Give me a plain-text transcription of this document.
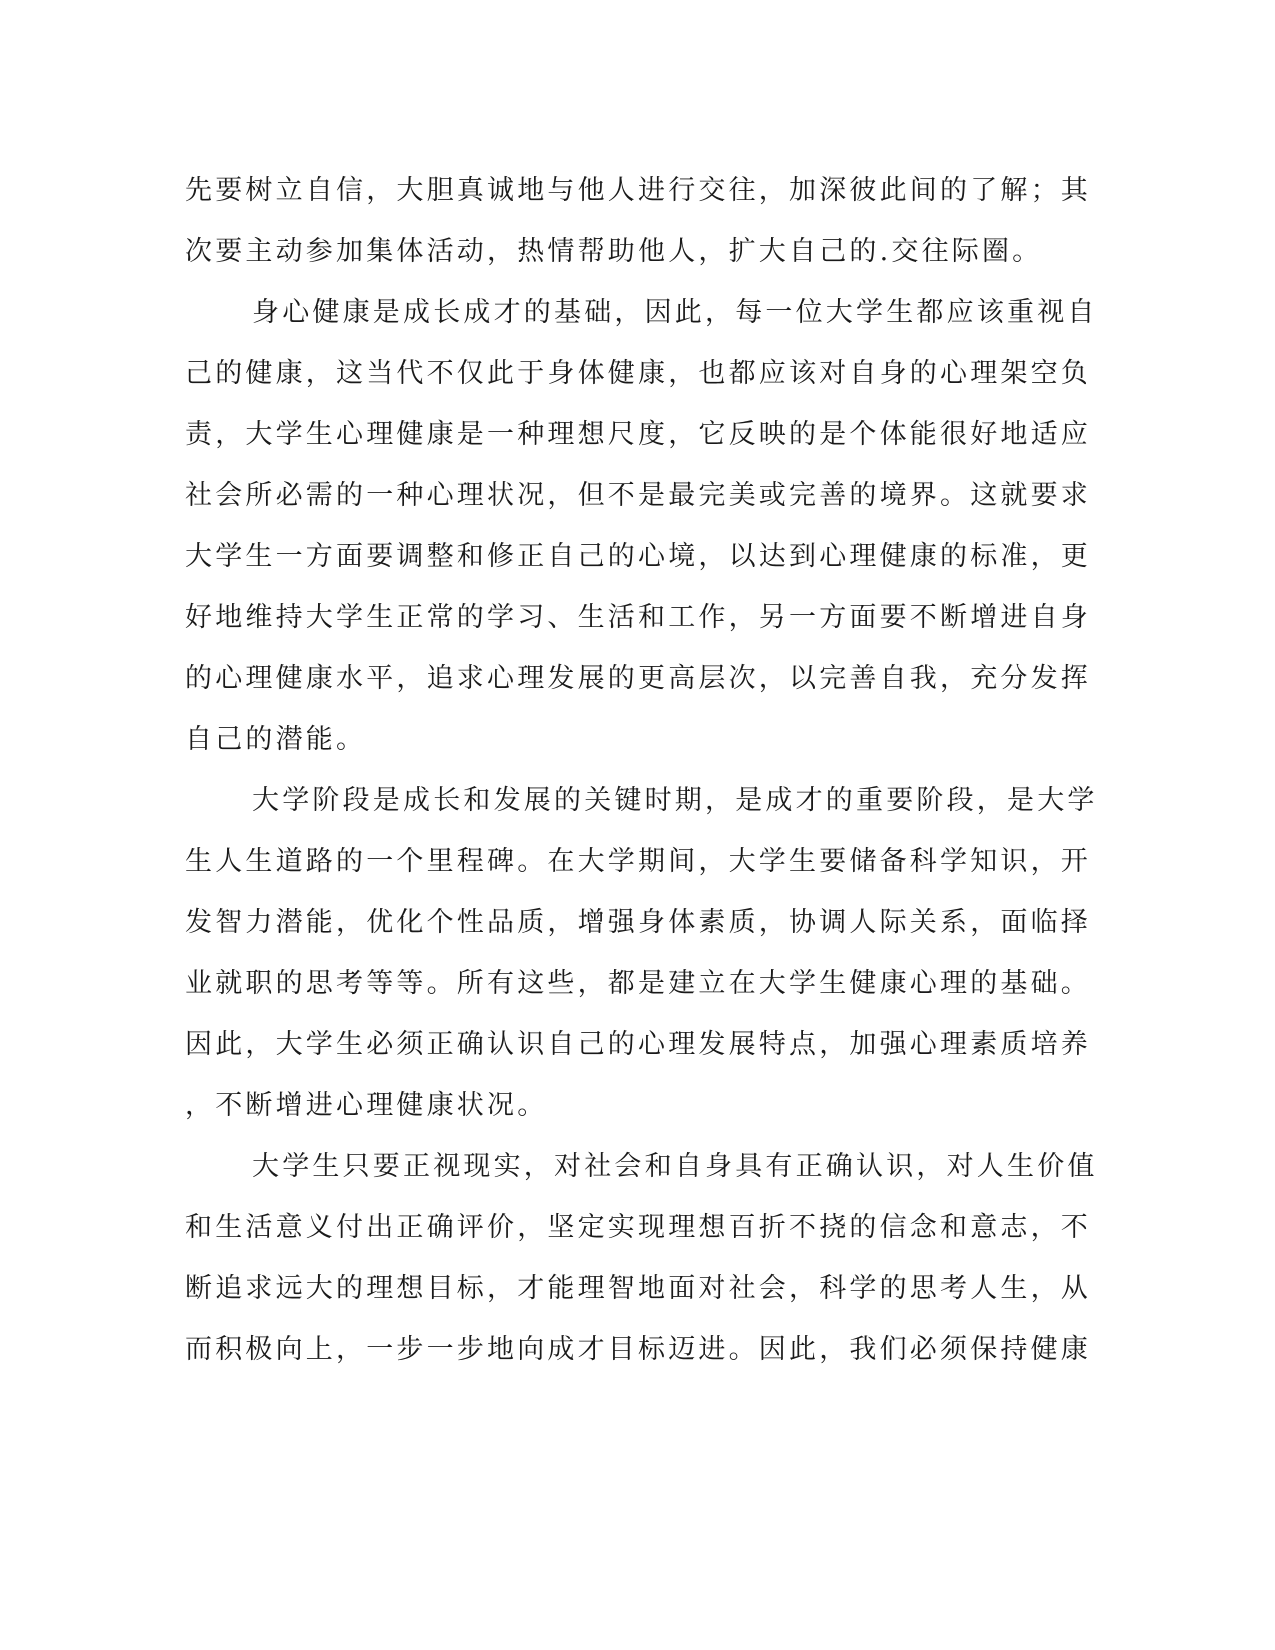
先要树立自信，大胆真诚地与他人进行交往，加深彼此间的了解；其
次要主动参加集体活动，热情帮助他人，扩大自己的.交往际圈。
身心健康是成长成才的基础，因此，每一位大学生都应该重视自
己的健康，这当代不仅此于身体健康，也都应该对自身的心理架空负
责，大学生心理健康是一种理想尺度，它反映的是个体能很好地适应
社会所必需的一种心理状况，但不是最完美或完善的境界。这就要求
大学生一方面要调整和修正自己的心境，以达到心理健康的标准，更
好地维持大学生正常的学习、生活和工作，另一方面要不断增进自身
的心理健康水平，追求心理发展的更高层次，以完善自我，充分发挥
自己的潜能。
大学阶段是成长和发展的关键时期，是成才的重要阶段，是大学
生人生道路的一个里程碑。在大学期间，大学生要储备科学知识，开
发智力潜能，优化个性品质，增强身体素质，协调人际关系，面临择
业就职的思考等等。所有这些，都是建立在大学生健康心理的基础。
因此，大学生必须正确认识自己的心理发展特点，加强心理素质培养
，不断增进心理健康状况。
大学生只要正视现实，对社会和自身具有正确认识，对人生价值
和生活意义付出正确评价，坚定实现理想百折不挠的信念和意志，不
断追求远大的理想目标，才能理智地面对社会，科学的思考人生，从
而积极向上，一步一步地向成才目标迈进。因此，我们必须保持健康
